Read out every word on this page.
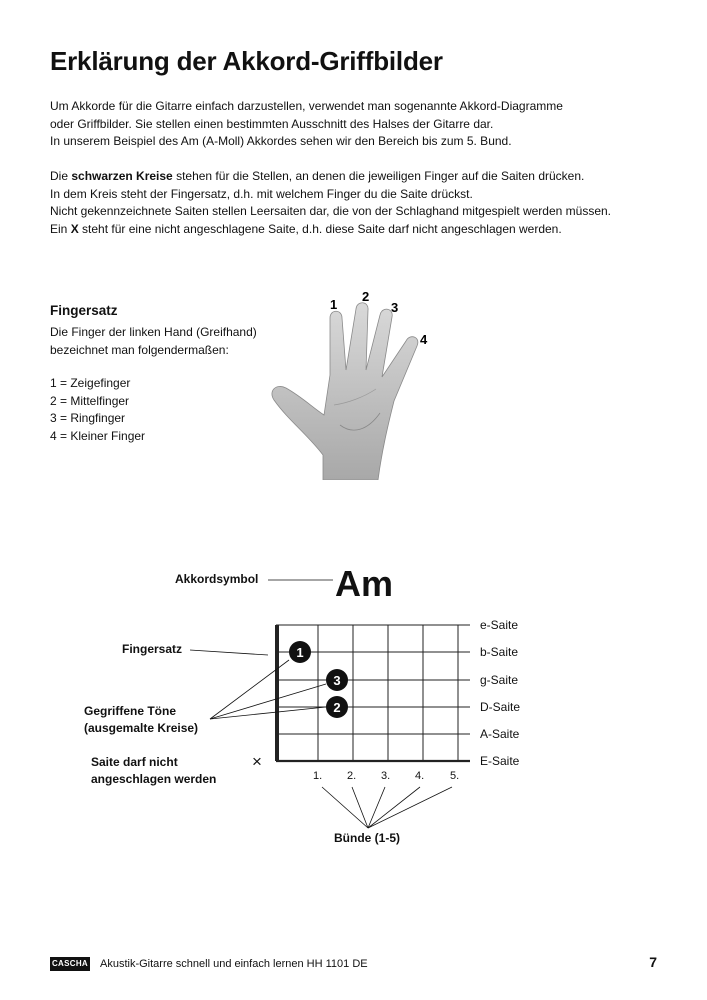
Erklärung der Akkord-Griffbilder
Um Akkorde für die Gitarre einfach darzustellen, verwendet man sogenannte Akkord-Diagramme
oder Griffbilder. Sie stellen einen bestimmten Ausschnitt des Halses der Gitarre dar.
In unserem Beispiel des Am (A-Moll) Akkordes sehen wir den Bereich bis zum 5. Bund.
Die schwarzen Kreise stehen für die Stellen, an denen die jeweiligen Finger auf die Saiten drücken.
In dem Kreis steht der Fingersatz, d.h. mit welchem Finger du die Saite drückst.
Nicht gekennzeichnete Saiten stellen Leersaiten dar, die von der Schlaghand mitgespielt werden müssen.
Ein X steht für eine nicht angeschlagene Saite, d.h. diese Saite darf nicht angeschlagen werden.
Fingersatz
Die Finger der linken Hand (Greifhand)
bezeichnet man folgendermaßen:
1 = Zeigefinger
2 = Mittelfinger
3 = Ringfinger
4 = Kleiner Finger
1
2
3
4
Am
Akkordsymbol
e-Saite
b-Saite
g-Saite
D-Saite
A-Saite
E-Saite
1. 2. 3. 4. 5.
Bünde (1-5)
1
3
2
Fingersatz
Gegriffene Töne
(ausgemalte Kreise)
Saite darf nicht
angeschlagen werden
×
CASCHA Akustik-Gitarre schnell und einfach lernen HH 1101 DE	7
